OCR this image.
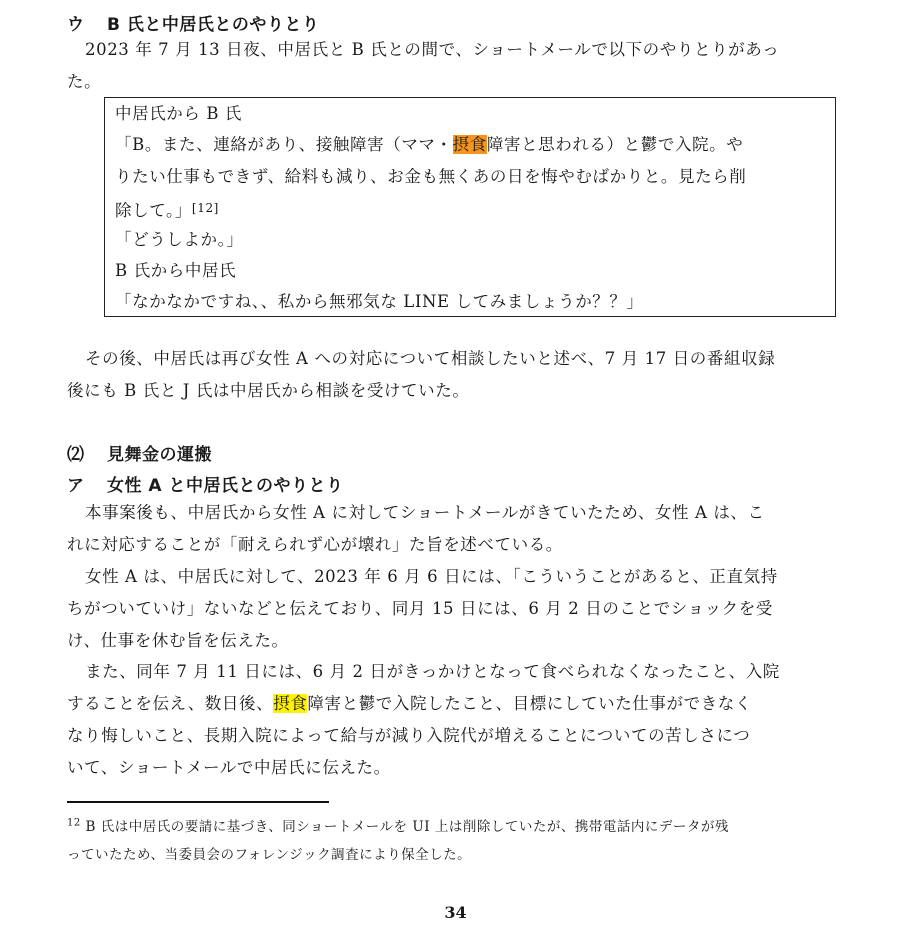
ウ B 氏と中居氏とのやりとり
2023 年 7 月 13 日夜、中居氏と B 氏との間で、ショートメールで以下のやりとりがあっ
た。
中居氏から B 氏
「B。また、連絡があり、接触障害（ママ・摂食障害と思われる）と鬱で入院。や
りたい仕事もできず、給料も減り、お金も無くあの日を悔やむばかりと。見たら削
除して。」[12]
「どうしよか。」
B 氏から中居氏
「なかなかですね、、私から無邪気な LINE してみましょうか？？」
その後、中居氏は再び女性 A への対応について相談したいと述べ、7 月 17 日の番組収録
後にも B 氏と J 氏は中居氏から相談を受けていた。
⑵ 見舞金の運搬
ア 女性 A と中居氏とのやりとり
本事案後も、中居氏から女性 A に対してショートメールがきていたため、女性 A は、こ
れに対応することが「耐えられず心が壊れ」た旨を述べている。
女性 A は、中居氏に対して、2023 年 6 月 6 日には、「こういうことがあると、正直気持
ちがついていけ」ないなどと伝えており、同月 15 日には、6 月 2 日のことでショックを受
け、仕事を休む旨を伝えた。
また、同年 7 月 11 日には、6 月 2 日がきっかけとなって食べられなくなったこと、入院
することを伝え、数日後、摂食障害と鬱で入院したこと、目標にしていた仕事ができなく
なり悔しいこと、長期入院によって給与が減り入院代が増えることについての苦しさにつ
いて、ショートメールで中居氏に伝えた。
$^{12}$ B 氏は中居氏の要請に基づき、同ショートメールを UI 上は削除していたが、携帯電話内にデータが残
っていたため、当委員会のフォレンジック調査により保全した。
34
